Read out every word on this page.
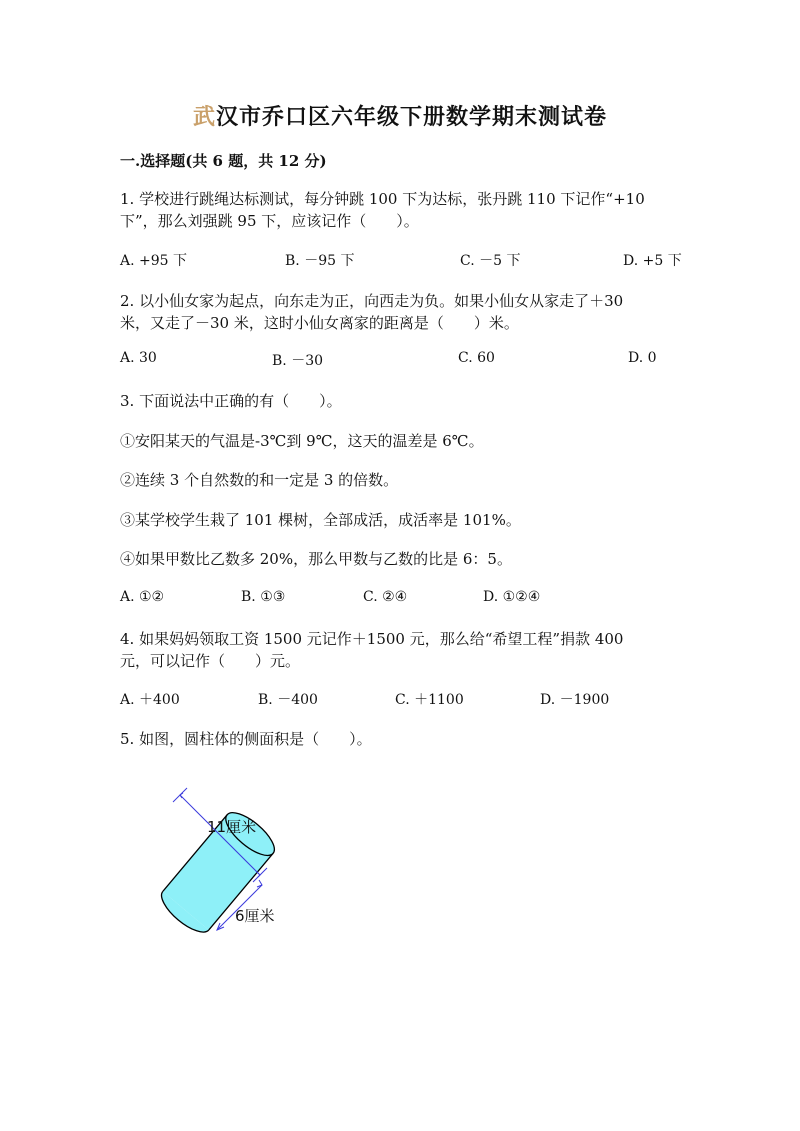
武汉市乔口区六年级下册数学期末测试卷
一.选择题(共 6 题，共 12 分)
1. 学校进行跳绳达标测试，每分钟跳 100 下为达标，张丹跳 110 下记作“+10
下”，那么刘强跳 95 下，应该记作（　　）。
A. +95 下	B. －95 下	C. －5 下	D. +5 下
2. 以小仙女家为起点，向东走为正，向西走为负。如果小仙女从家走了＋30
米，又走了－30 米，这时小仙女离家的距离是（　　）米。
A. 30	B. －30	C. 60	D. 0
3. 下面说法中正确的有（　　）。
①安阳某天的气温是-3℃到 9℃，这天的温差是 6℃。
②连续 3 个自然数的和一定是 3 的倍数。
③某学校学生栽了 101 棵树，全部成活，成活率是 101%。
④如果甲数比乙数多 20%，那么甲数与乙数的比是 6：5。
A. ①②	B. ①③	C. ②④	D. ①②④
4. 如果妈妈领取工资 1500 元记作＋1500 元，那么给“希望工程”捐款 400
元，可以记作（　　）元。
A. ＋400	B. －400	C. ＋1100	D. －1900
5. 如图，圆柱体的侧面积是（　　）。
11厘米
6厘米
